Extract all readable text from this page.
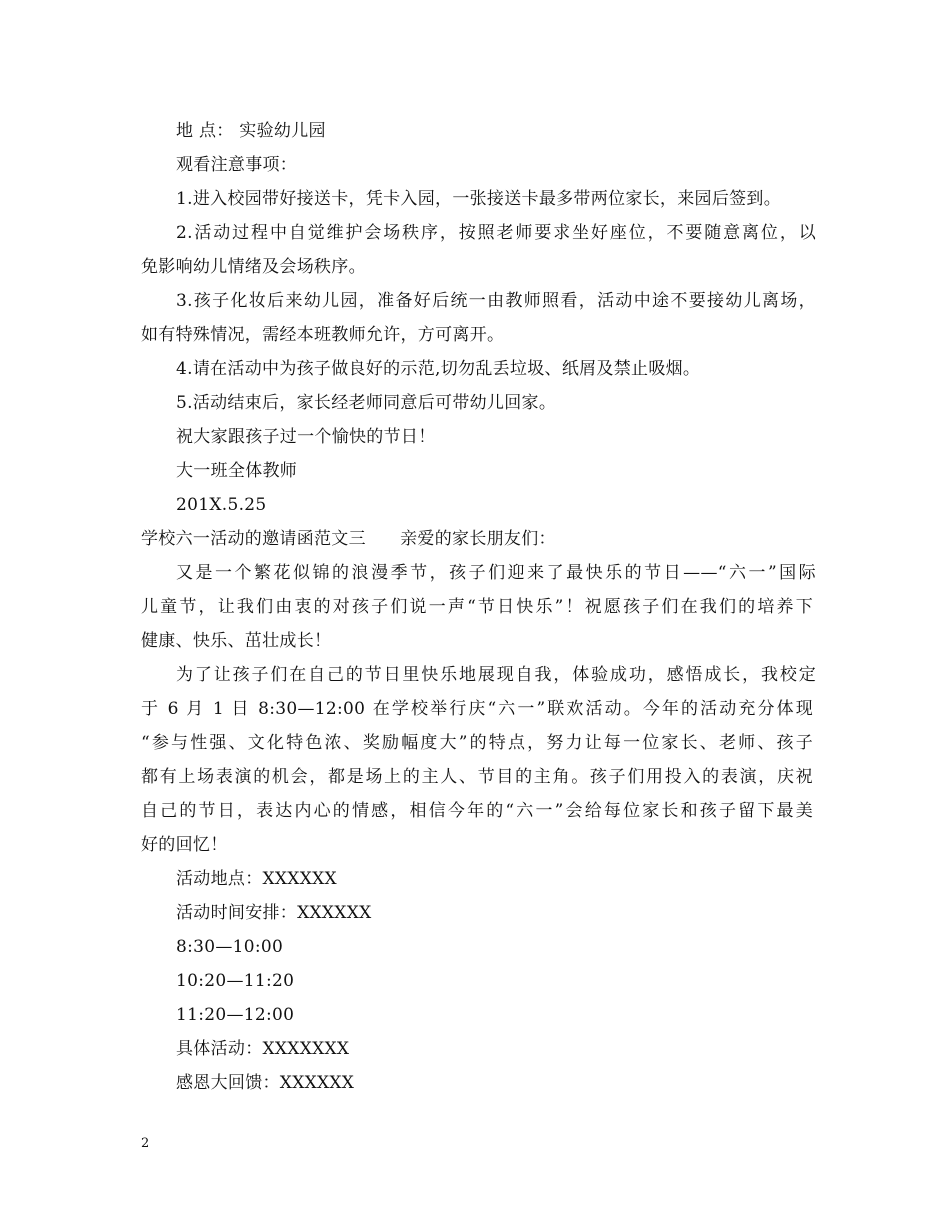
地 点： 实验幼儿园
观看注意事项：
1.进入校园带好接送卡，凭卡入园，一张接送卡最多带两位家长，来园后签到。
2.活动过程中自觉维护会场秩序，按照老师要求坐好座位，不要随意离位，以
免影响幼儿情绪及会场秩序。
3.孩子化妆后来幼儿园，准备好后统一由教师照看，活动中途不要接幼儿离场，
如有特殊情况，需经本班教师允许，方可离开。
4.请在活动中为孩子做良好的示范,切勿乱丢垃圾、纸屑及禁止吸烟。
5.活动结束后，家长经老师同意后可带幼儿回家。
祝大家跟孩子过一个愉快的节日！
大一班全体教师
201X.5.25
学校六一活动的邀请函范文三      亲爱的家长朋友们：
又是一个繁花似锦的浪漫季节，孩子们迎来了最快乐的节日——“六一”国际
儿童节，让我们由衷的对孩子们说一声“节日快乐”！祝愿孩子们在我们的培养下
健康、快乐、茁壮成长！
为了让孩子们在自己的节日里快乐地展现自我，体验成功，感悟成长，我校定
于 6 月 1 日 8:30—12:00 在学校举行庆“六一”联欢活动。今年的活动充分体现
“参与性强、文化特色浓、奖励幅度大”的特点，努力让每一位家长、老师、孩子
都有上场表演的机会，都是场上的主人、节目的主角。孩子们用投入的表演，庆祝
自己的节日，表达内心的情感，相信今年的“六一”会给每位家长和孩子留下最美
好的回忆！
活动地点：XXXXXX
活动时间安排：XXXXXX
8:30—10:00
10:20—11:20
11:20—12:00
具体活动：XXXXXXX
感恩大回馈：XXXXXX
2
